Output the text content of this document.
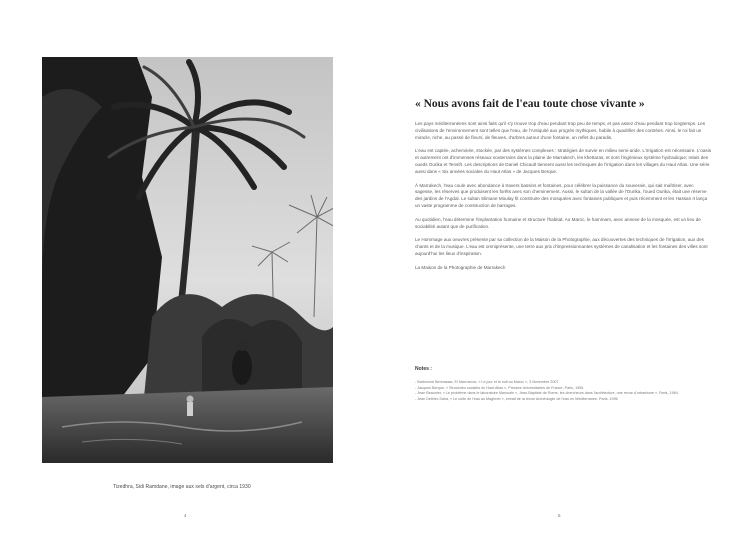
Tizedhra, Sidi Ramdane, image aux sels d'argent, circa 1930
4
« Nous avons fait de l'eau toute chose vivante »

Les pays méditerranéens sont ainsi faits qu'il s'y trouve trop d'eau pendant trop peu de temps, et pas assez d'eau pendant trop longtemps. Les civilisations de l'environnement sont telles que l'eau, de l'Antiquité aux progrès mythiques, habile à quadriller des contrées. Ainsi, le roi fait un miracle, riche, au passé de fleurs, de fleuves, d'arbres autour d'une fontaine, un reflet du paradis.

L'eau est captée, acheminée, stockée, par des systèmes complexes : stratégies de survie en milieu semi-aride. L'irrigation est nécessaire. L'oasis et autrement ont d'immenses réseaux souterrains dans la plaine de Marrakech, les khettaras, et sont l'ingénieux système hydraulique; relais des oueds Ourika et Tensift. Les descriptions de Daniel Chicault tiennent aussi les techniques de l'irrigation dans les villages du Haut Atlas. Une série aussi dans « Six années sociales du Haut Atlas » de Jacques Berque.

À Marrakech, l'eau coule avec abondance à travers bassins et fontaines, pour célébrer la puissance du souverain, qui sait maîtriser, avec sagesse, les réserves que produisent les forêts avec son cheminement. Aussi, le sultan de la vallée de l'Ourika, l'oued Ourika, était une réserve des jardins de l'Agdal. Le sultan Slimane Moulay fit construire des mosquées avec fontaines publiques et puis récemment et les Hassan II lança un vaste programme de construction de barrages.

Au quotidien, l'eau détermine l'implantation humaine et structure l'habitat. Au Maroc, le hammam, avec annexe de la mosquée, est un lieu de sociabilité autant que de purification.

Le Hommage aux oeuvres présente par sa collection de la Maison de la Photographie, aux découvertes des techniques de l'irrigation, aux des chants et de la musique. L'eau est omniprésente, une terre aux prix d'impressionnantes systèmes de canalisation et les fontaines des villes sont aujourd'hui les lieux d'inspiration.

La Maison de la Photographie de Marrakech

Notes :
- Bartolomé Bennassar, El Marruecos, « Le jour et la nuit au Maroc », 3 Novembre 2007
- Jacques Berque, « Structures sociales du Haut Atlas », Presses Universitaires de France, Paris, 1955
- Jean Beaunier, « Le problème dans le laboratoire Marocain », Jean-Baptiste de Rome, les chercheurs dans l'architecture, une revue d'urbanisme », Paris, 1984
- Jean Dethier-Saha, « Le culte de l'eau au Maghreb », extrait de la revue Archéologie de l'eau en Méditerranée, Paris, 1996
5
